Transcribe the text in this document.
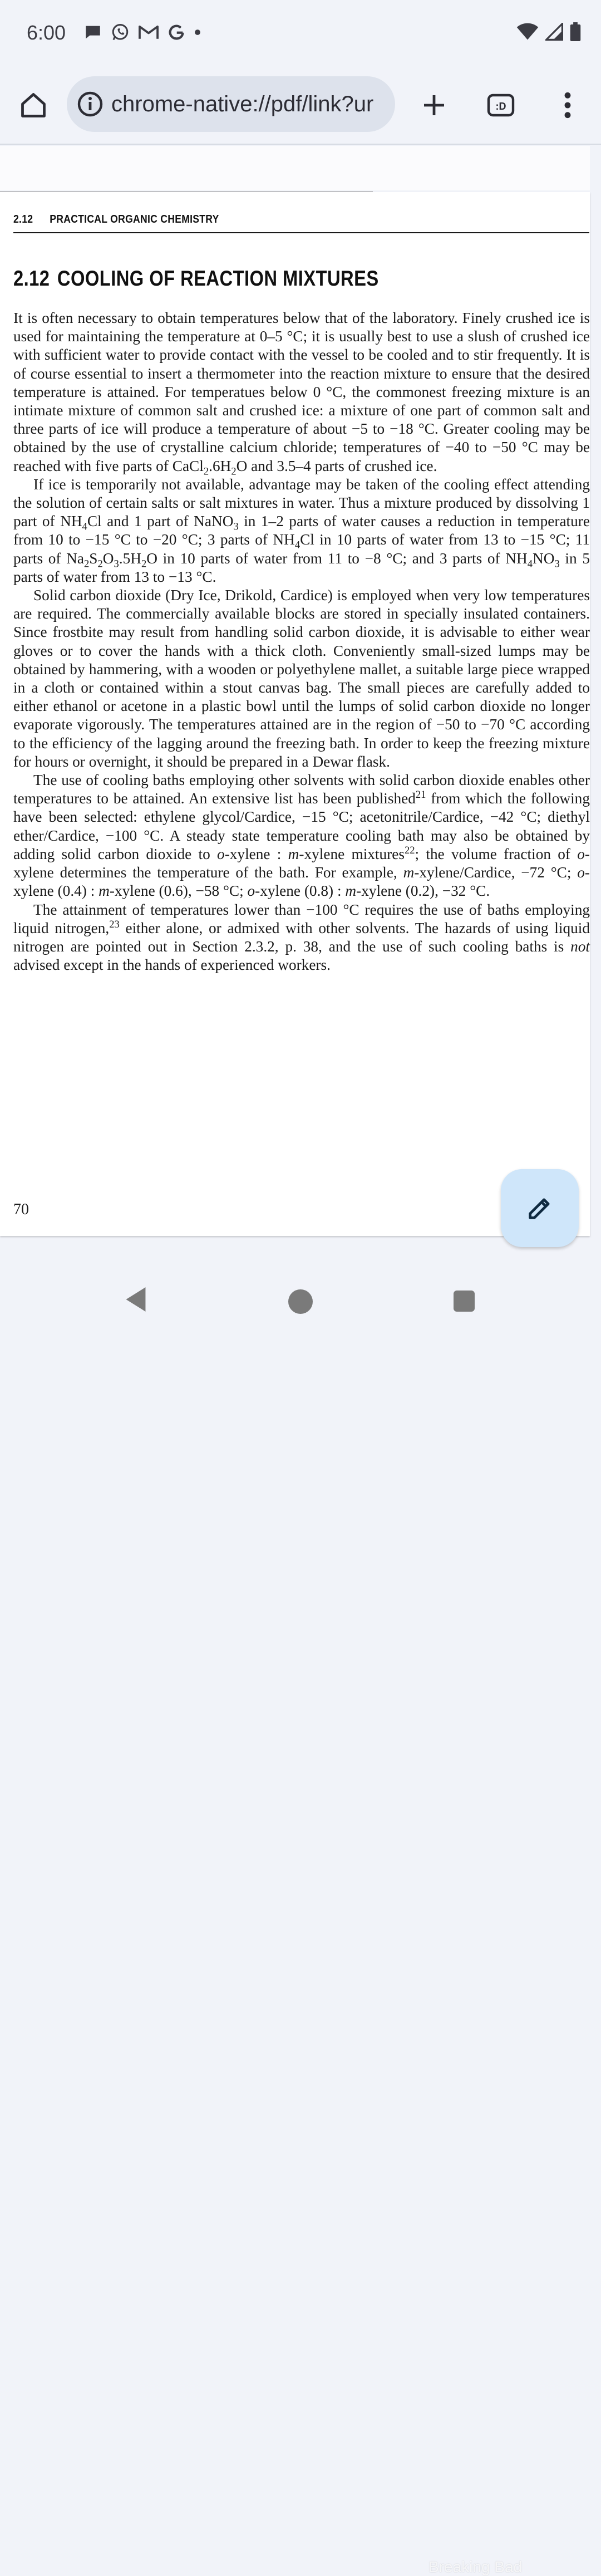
6:00
chrome-native://pdf/link?ur	:D
2.12 PRACTICAL ORGANIC CHEMISTRY
2.12 COOLING OF REACTION MIXTURES

It is often necessary to obtain temperatures below that of the laboratory. Finely crushed ice is used for maintaining the temperature at 0–5 °C; it is usually best to use a slush of crushed ice with sufficient water to provide contact with the vessel to be cooled and to stir frequently. It is of course essential to insert a thermometer into the reaction mixture to ensure that the desired temperature is attained. For temperatues below 0 °C, the commonest freezing mixture is an intimate mixture of common salt and crushed ice: a mixture of one part of common salt and three parts of ice will produce a temperature of about −5 to −18 °C. Greater cooling may be obtained by the use of crystalline calcium chloride; temperatures of −40 to −50 °C may be reached with five parts of $CaCl_2.6H_2O$ and 3.5–4 parts of crushed ice.

If ice is temporarily not available, advantage may be taken of the cooling effect attending the solution of certain salts or salt mixtures in water. Thus a mixture produced by dissolving 1 part of $NH_4Cl$ and 1 part of NaNO$_3$ in 1–2 parts of water causes a reduction in temperature from 10 to −15 °C to −20 °C; 3 parts of $NH_4Cl$ in 10 parts of water from 13 to −15 °C; 11 parts of $Na_2S_2O_3.5H_2O$ in 10 parts of water from 11 to −8 °C; and 3 parts of $NH_4NO_3$ in 5 parts of water from 13 to −13 °C.

Solid carbon dioxide (Dry Ice, Drikold, Cardice) is employed when very low temperatures are required. The commercially available blocks are stored in specially insulated containers. Since frostbite may result from handling solid carbon dioxide, it is advisable to either wear gloves or to cover the hands with a thick cloth. Conveniently small-sized lumps may be obtained by hammering, with a wooden or polyethylene mallet, a suitable large piece wrapped in a cloth or contained within a stout canvas bag. The small pieces are carefully added to either ethanol or acetone in a plastic bowl until the lumps of solid carbon dioxide no longer evaporate vigorously. The temperatures attained are in the region of −50 to −70 °C according to the efficiency of the lagging around the freezing bath. In order to keep the freezing mixture for hours or overnight, it should be prepared in a Dewar flask.

The use of cooling baths employing other solvents with solid carbon dioxide enables other temperatures to be attained. An extensive list has been published$^{21}$ from which the following have been selected: ethylene glycol/Cardice, −15 °C; acetonitrile/Cardice, −42 °C; diethyl ether/Cardice, −100 °C. A steady state temperature cooling bath may also be obtained by adding solid carbon dioxide to o-xylene : m-xylene mixtures$^{22}$; the volume fraction of o-xylene determines the temperature of the bath. For example, m-xylene/Cardice, −72 °C; o-xylene (0.4) : m-xylene (0.6), −58 °C; o-xylene (0.8) : m-xylene (0.2), −32 °C.

The attainment of temperatures lower than −100 °C requires the use of baths employing liquid nitrogen,$^{23}$ either alone, or admixed with other solvents. The hazards of using liquid nitrogen are pointed out in Section 2.3.2, p. 38, and the use of such cooling baths is not advised except in the hands of experienced workers.

70
Breaking Bad
